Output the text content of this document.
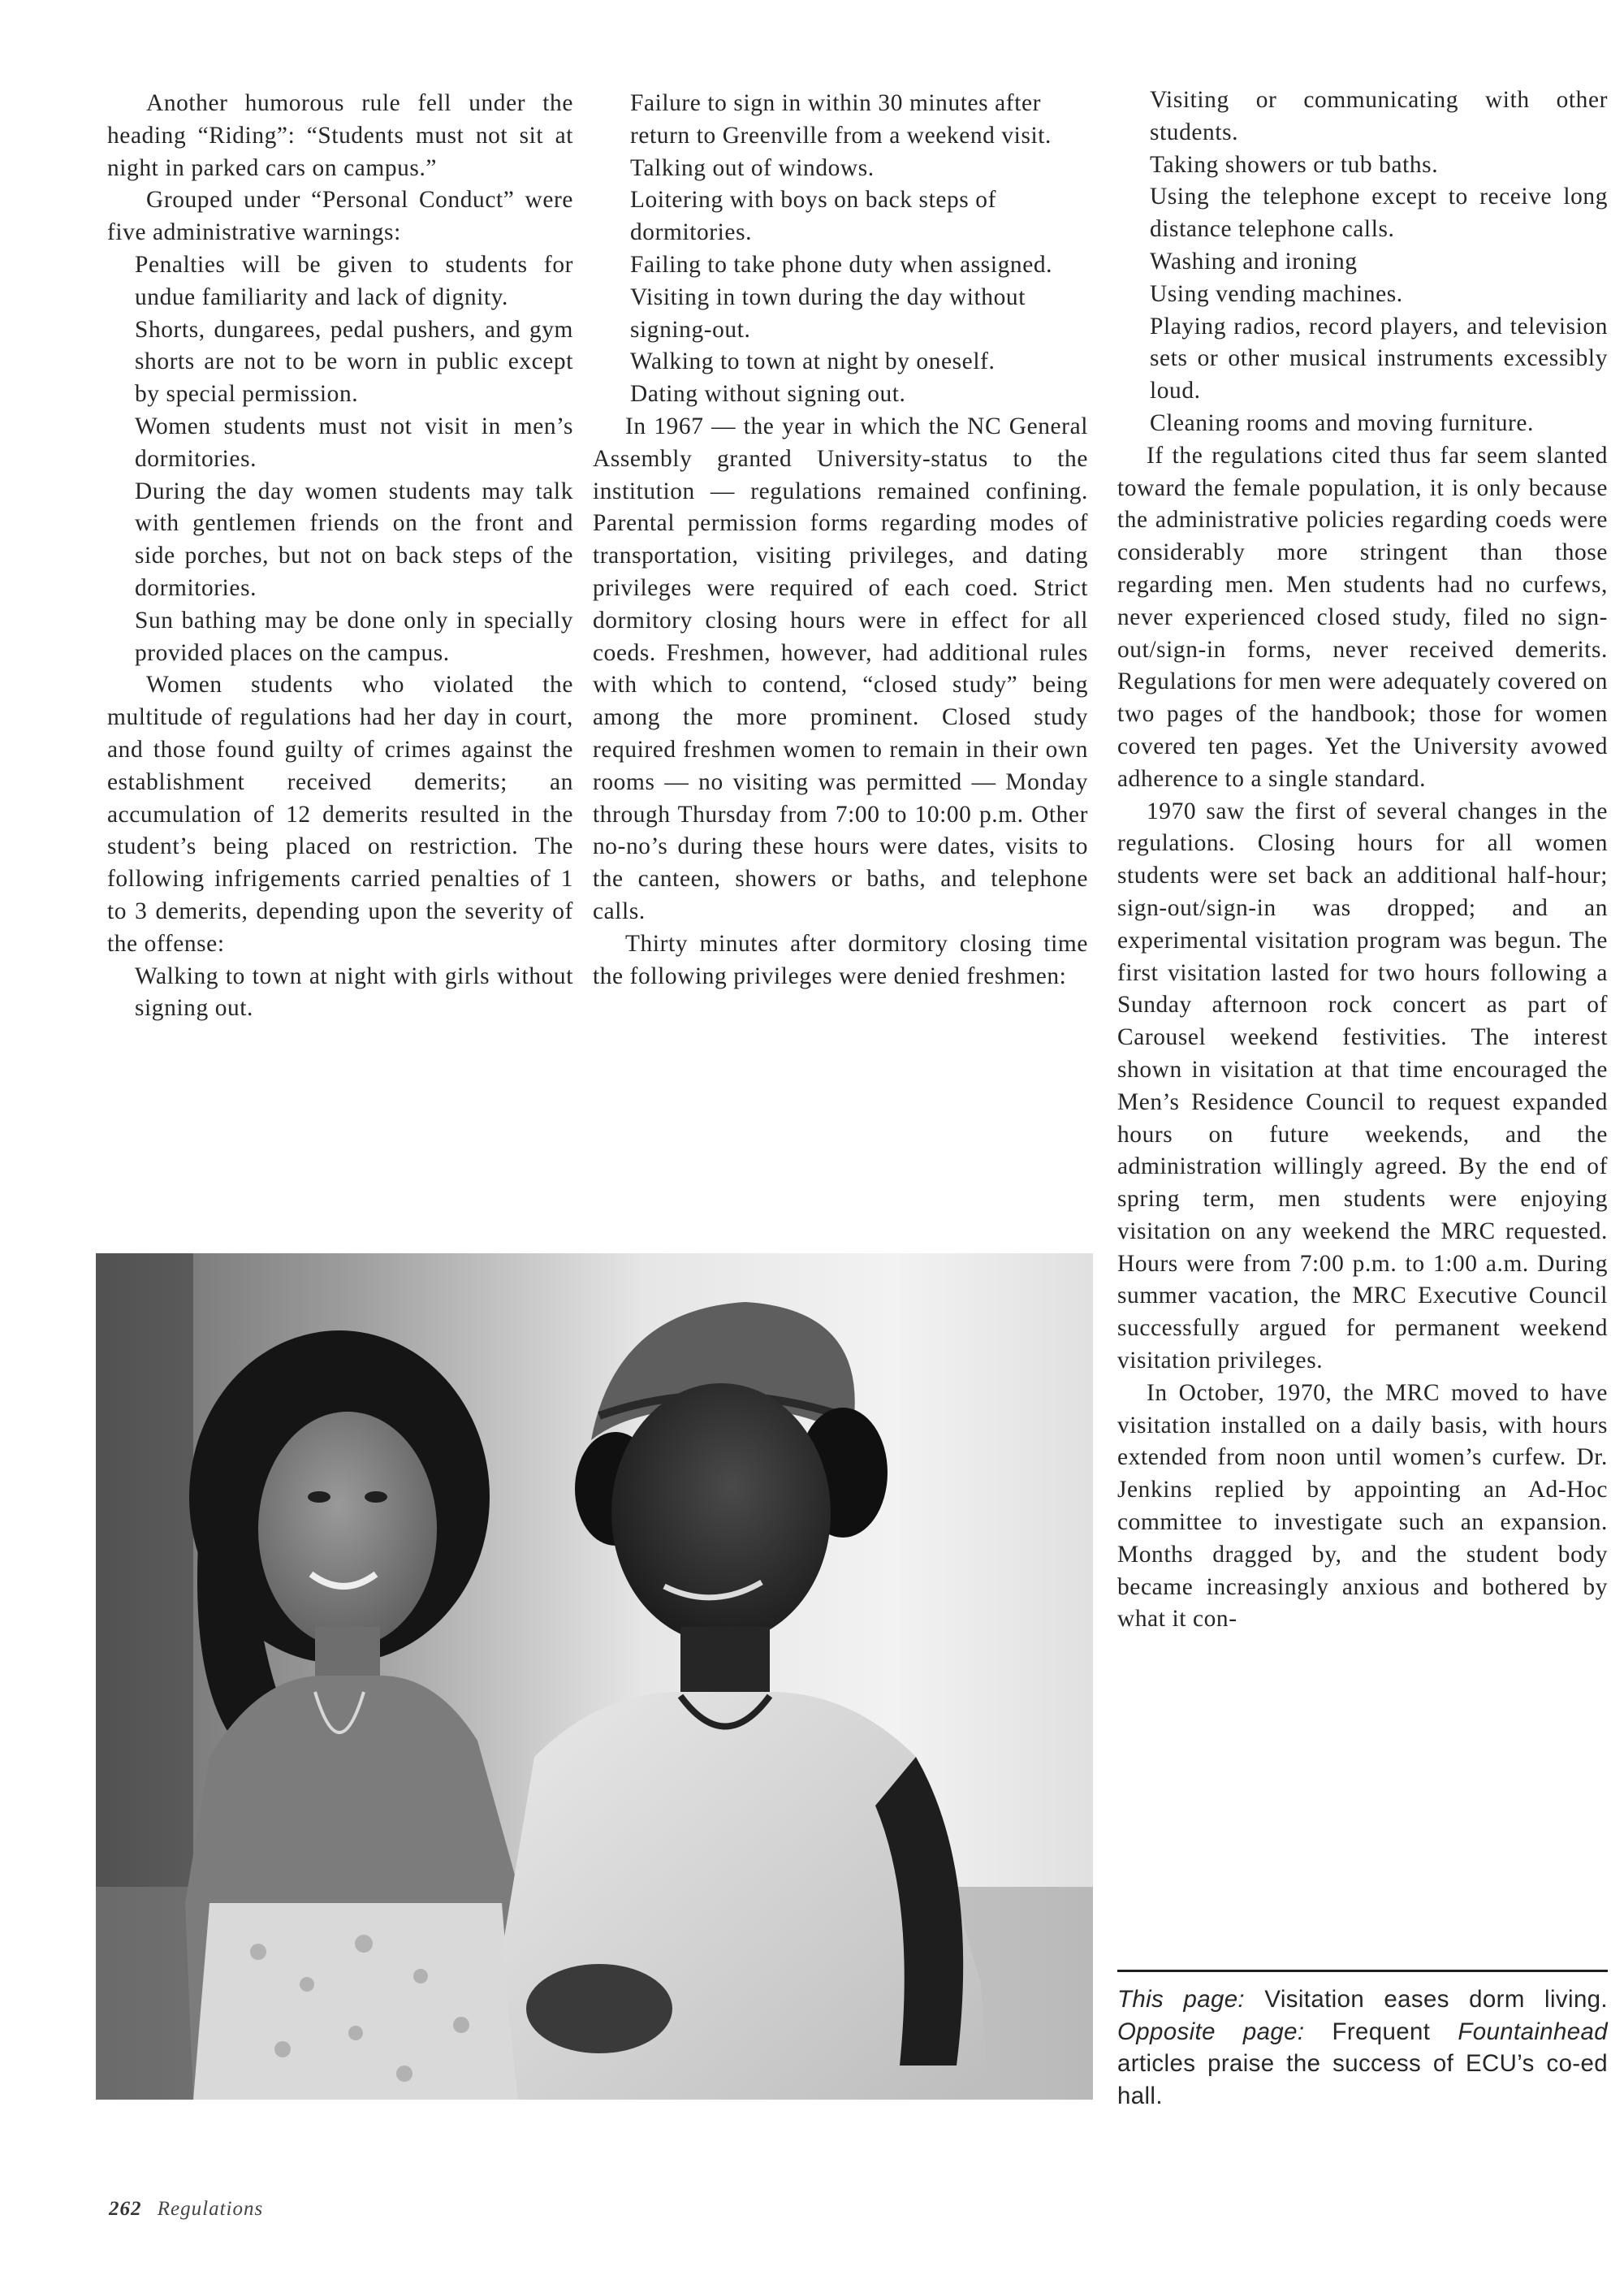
Another humorous rule fell under the heading “Riding”: “Students must not sit at night in parked cars on campus.”

Grouped under “Personal Conduct” were five administrative warnings:

Penalties will be given to students for undue familiarity and lack of dignity.

Shorts, dungarees, pedal pushers, and gym shorts are not to be worn in public except by special permission.

Women students must not visit in men’s dormitories.

During the day women students may talk with gentlemen friends on the front and side porches, but not on back steps of the dormitories.

Sun bathing may be done only in specially provided places on the campus.

Women students who violated the multitude of regulations had her day in court, and those found guilty of crimes against the establishment received demerits; an accumulation of 12 demerits resulted in the student’s being placed on restriction. The following infrigements carried penalties of 1 to 3 demerits, depending upon the severity of the offense:

Walking to town at night with girls without signing out.

Failure to sign in within 30 minutes after return to Greenville from a weekend visit.

Talking out of windows.

Loitering with boys on back steps of dormitories.

Failing to take phone duty when assigned.

Visiting in town during the day without signing-out.

Walking to town at night by oneself.

Dating without signing out.

In 1967 — the year in which the NC General Assembly granted University-status to the institution — regulations remained confining. Parental permission forms regarding modes of transportation, visiting privileges, and dating privileges were required of each coed. Strict dormitory closing hours were in effect for all coeds. Freshmen, however, had additional rules with which to contend, “closed study” being among the more prominent. Closed study required freshmen women to remain in their own rooms — no visiting was permitted — Monday through Thursday from 7:00 to 10:00 p.m. Other no-no’s during these hours were dates, visits to the canteen, showers or baths, and telephone calls.

Thirty minutes after dormitory closing time the following privileges were denied freshmen:

Visiting or communicating with other students.

Taking showers or tub baths.

Using the telephone except to receive long distance telephone calls.

Washing and ironing

Using vending machines.

Playing radios, record players, and television sets or other musical instruments excessibly loud.

Cleaning rooms and moving furniture.

If the regulations cited thus far seem slanted toward the female population, it is only because the administrative policies regarding coeds were considerably more stringent than those regarding men. Men students had no curfews, never experienced closed study, filed no sign-out/sign-in forms, never received demerits. Regulations for men were adequately covered on two pages of the handbook; those for women covered ten pages. Yet the University avowed adherence to a single standard.

1970 saw the first of several changes in the regulations. Closing hours for all women students were set back an additional half-hour; sign-out/sign-in was dropped; and an experimental visitation program was begun. The first visitation lasted for two hours following a Sunday afternoon rock concert as part of Carousel weekend festivities. The interest shown in visitation at that time encouraged the Men’s Residence Council to request expanded hours on future weekends, and the administration willingly agreed. By the end of spring term, men students were enjoying visitation on any weekend the MRC requested. Hours were from 7:00 p.m. to 1:00 a.m. During summer vacation, the MRC Executive Council successfully argued for permanent weekend visitation privileges.

In October, 1970, the MRC moved to have visitation installed on a daily basis, with hours extended from noon until women’s curfew. Dr. Jenkins replied by appointing an Ad-Hoc committee to investigate such an expansion. Months dragged by, and the student body became increasingly anxious and bothered by what it con-

This page: Visitation eases dorm living. Opposite page: Frequent Fountainhead articles praise the success of ECU’s co-ed hall.
262 Regulations
